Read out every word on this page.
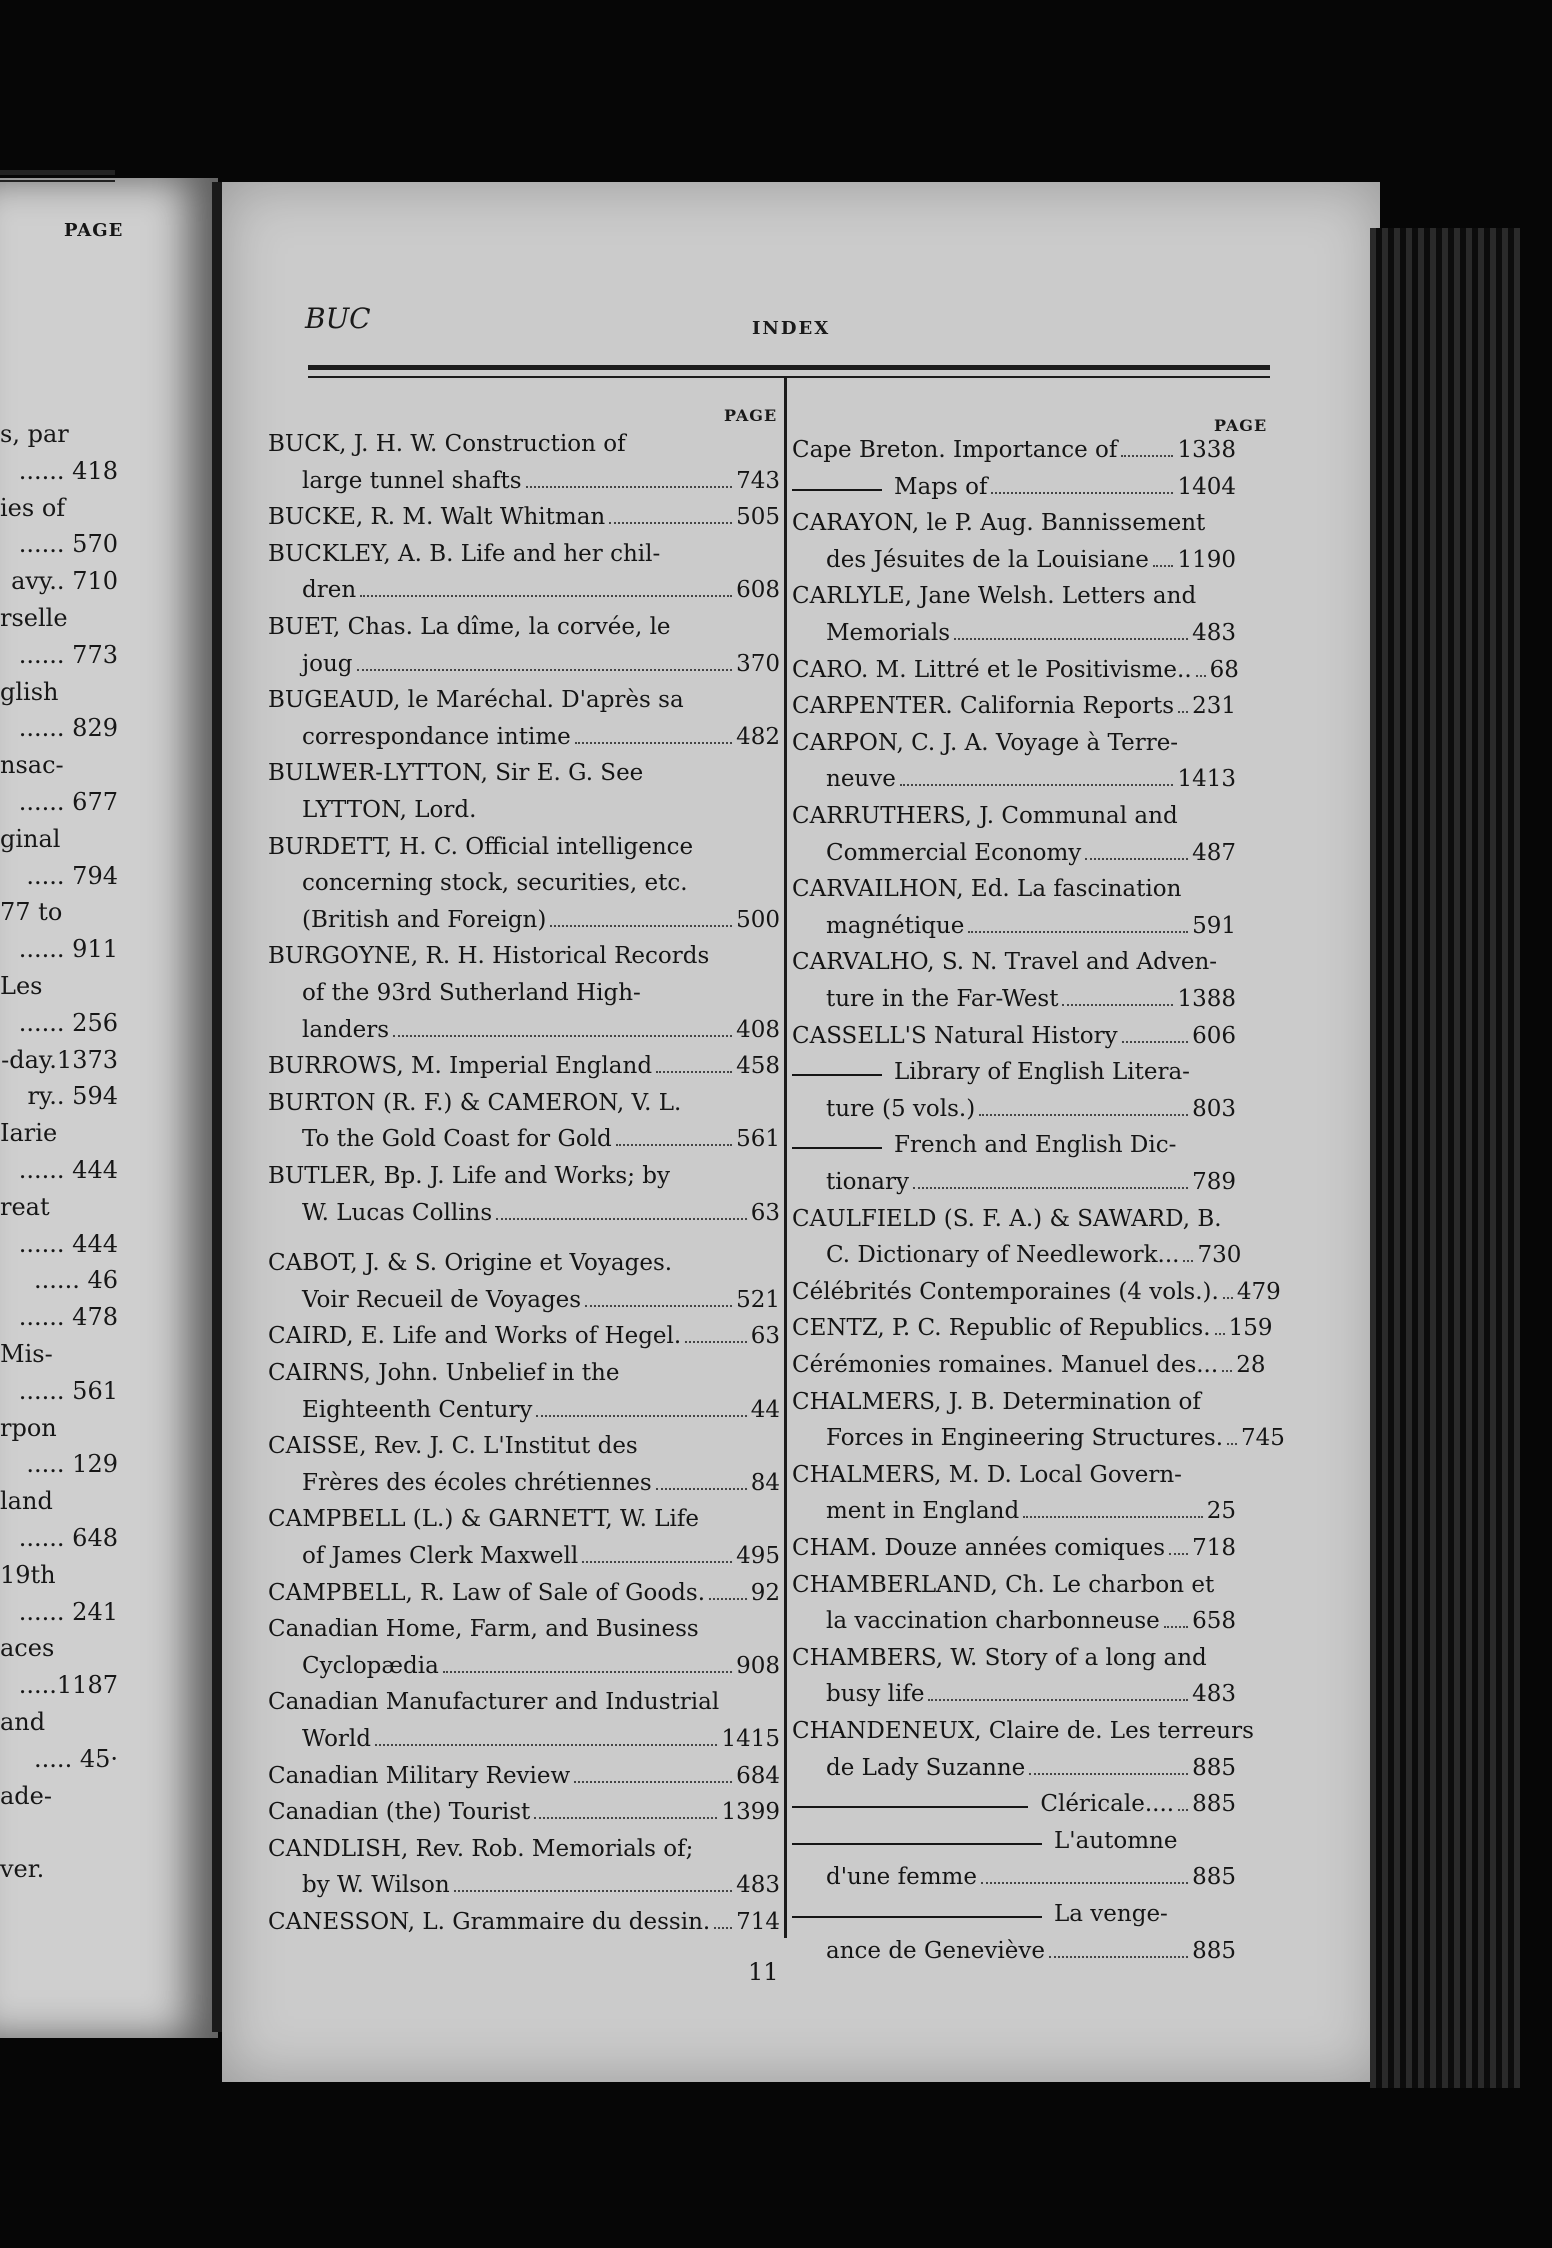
PAGE
s, par
...... 418
ies of
...... 570
avy.. 710
rselle
...... 773
glish
...... 829
nsac-
...... 677
ginal
..... 794
77 to
...... 911
Les
...... 256
-day.1373
ry.. 594
Iarie
...... 444
reat
...... 444
...... 46
...... 478
Mis-
...... 561
rpon
..... 129
land
...... 648
19th
...... 241
aces
.....1187
and
..... 45·
ade-
ver.
BUC	INDEX
PAGE
PAGE
BUCK, J. H. W. Construction of
large tunnel shafts	743
BUCKE, R. M. Walt Whitman	505
BUCKLEY, A. B. Life and her chil-
dren	608
BUET, Chas. La dîme, la corvée, le
joug	370
BUGEAUD, le Maréchal. D'après sa
correspondance intime	482
BULWER-LYTTON, Sir E. G. See
LYTTON, Lord.
BURDETT, H. C. Official intelligence
concerning stock, securities, etc.
(British and Foreign)	500
BURGOYNE, R. H. Historical Records
of the 93rd Sutherland High-
landers	408
BURROWS, M. Imperial England	458
BURTON (R. F.) & CAMERON, V. L.
To the Gold Coast for Gold	561
BUTLER, Bp. J. Life and Works; by
W. Lucas Collins	63
CABOT, J. & S. Origine et Voyages.
Voir Recueil de Voyages	521
CAIRD, E. Life and Works of Hegel.	63
CAIRNS, John. Unbelief in the
Eighteenth Century	44
CAISSE, Rev. J. C. L'Institut des
Frères des écoles chrétiennes	84
CAMPBELL (L.) & GARNETT, W. Life
of James Clerk Maxwell	495
CAMPBELL, R. Law of Sale of Goods. 92
Canadian Home, Farm, and Business
Cyclopædia	908
Canadian Manufacturer and Industrial
World	1415
Canadian Military Review	684
Canadian (the) Tourist	1399
CANDLISH, Rev. Rob. Memorials of;
by W. Wilson	483
CANESSON, L. Grammaire du dessin. 714
Cape Breton. Importance of	1338
Maps of	1404
CARAYON, le P. Aug. Bannissement
des Jésuites de la Louisiane 1190
CARLYLE, Jane Welsh. Letters and
Memorials	483
CARO. M. Littré et le Positivisme.. 68
CARPENTER. California Reports 231
CARPON, C. J. A. Voyage à Terre-
neuve	1413
CARRUTHERS, J. Communal and
Commercial Economy	487
CARVAILHON, Ed. La fascination
magnétique	591
CARVALHO, S. N. Travel and Adven-
ture in the Far-West	1388
CASSELL'S Natural History	606
Library of English Litera-
ture (5 vols.)	803
French and English Dic-
tionary	789
CAULFIELD (S. F. A.) & SAWARD, B.
C. Dictionary of Needlework... 730
Célébrités Contemporaines (4 vols.). 479
CENTZ, P. C. Republic of Republics. 159
Cérémonies romaines. Manuel des... 28
CHALMERS, J. B. Determination of
Forces in Engineering Structures. 745
CHALMERS, M. D. Local Govern-
ment in England	25
CHAM. Douze années comiques 718
CHAMBERLAND, Ch. Le charbon et
la vaccination charbonneuse 658
CHAMBERS, W. Story of a long and
busy life	483
CHANDENEUX, Claire de. Les terreurs
de Lady Suzanne	885
Cléricale.... 885
L'automne
d'une femme	885
La venge-
ance de Geneviève	885
11
